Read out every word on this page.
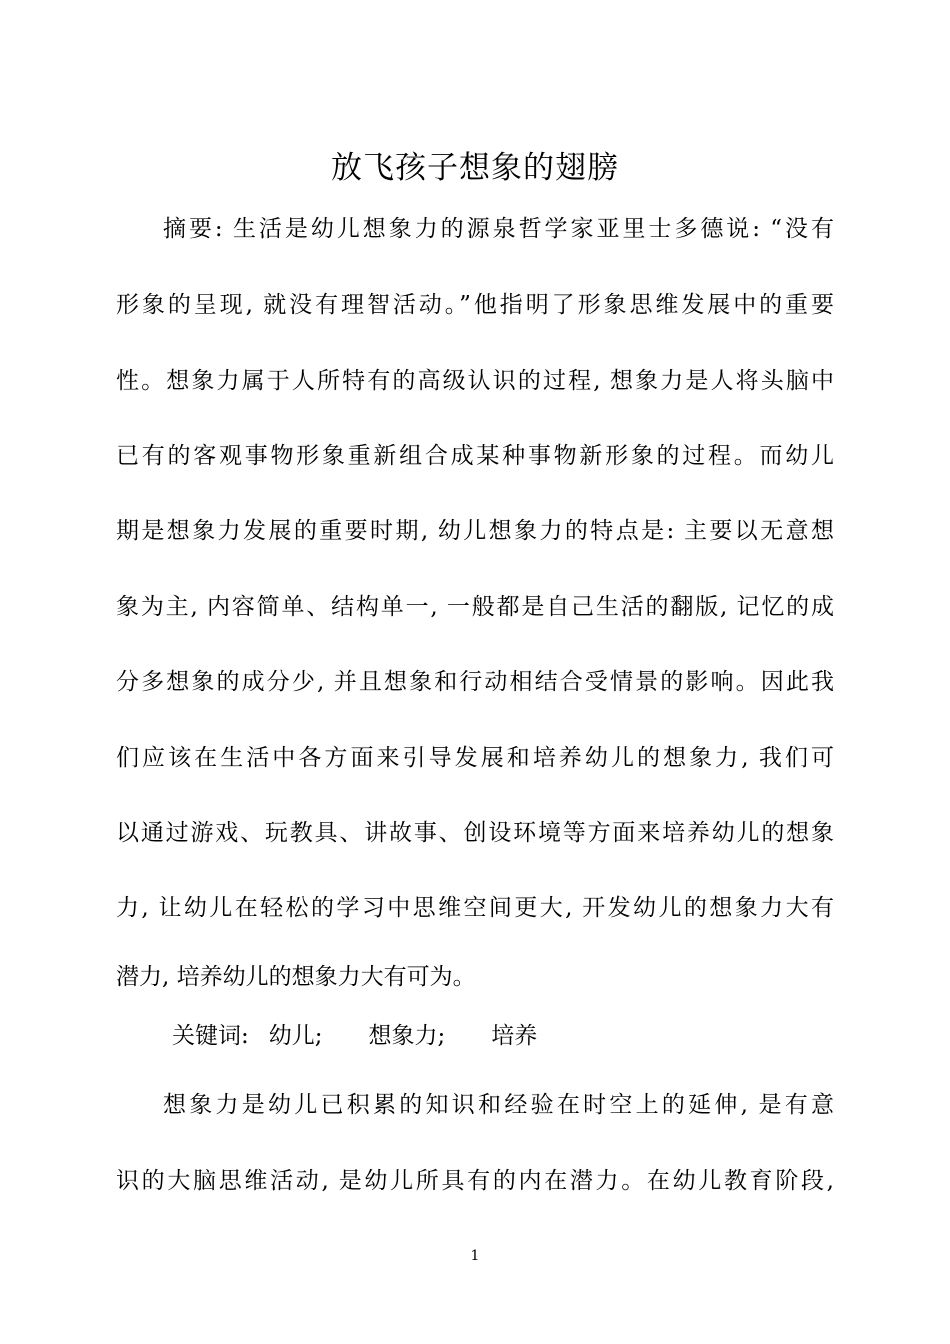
放飞孩子想象的翅膀
摘要: 生活是幼儿想象力的源泉哲学家亚里士多德说: “没有
形象的呈现, 就没有理智活动。”他指明了形象思维发展中的重要
性。想象力属于人所特有的高级认识的过程, 想象力是人将头脑中
已有的客观事物形象重新组合成某种事物新形象的过程。而幼儿
期是想象力发展的重要时期, 幼儿想象力的特点是: 主要以无意想
象为主, 内容简单、结构单一, 一般都是自己生活的翻版, 记忆的成
分多想象的成分少, 并且想象和行动相结合受情景的影响。因此我
们应该在生活中各方面来引导发展和培养幼儿的想象力, 我们可
以通过游戏、玩教具、讲故事、创设环境等方面来培养幼儿的想象
力, 让幼儿在轻松的学习中思维空间更大, 开发幼儿的想象力大有
潜力, 培养幼儿的想象力大有可为。
关键词: 幼儿; 想象力; 培养
想象力是幼儿已积累的知识和经验在时空上的延伸, 是有意
识的大脑思维活动, 是幼儿所具有的内在潜力。在幼儿教育阶段,
1
